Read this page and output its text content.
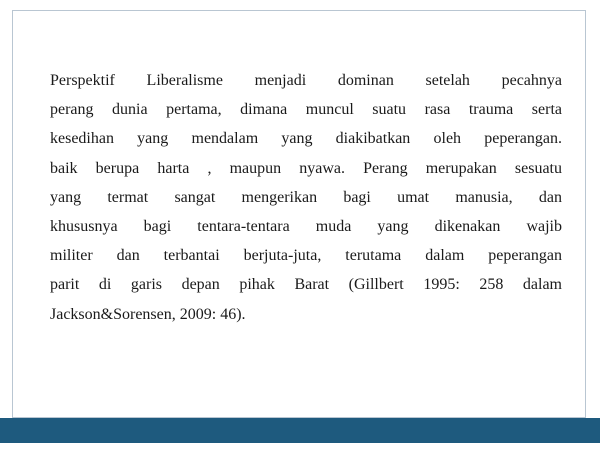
Perspektif Liberalisme menjadi dominan setelah pecahnya
perang dunia pertama, dimana muncul suatu rasa trauma serta
kesedihan yang mendalam yang diakibatkan oleh peperangan.
baik berupa harta , maupun nyawa. Perang merupakan sesuatu
yang termat sangat mengerikan bagi umat manusia, dan
khususnya bagi tentara-tentara muda yang dikenakan wajib
militer dan terbantai berjuta-juta, terutama dalam peperangan
parit di garis depan pihak Barat (Gillbert 1995: 258 dalam
Jackson&Sorensen, 2009: 46).
